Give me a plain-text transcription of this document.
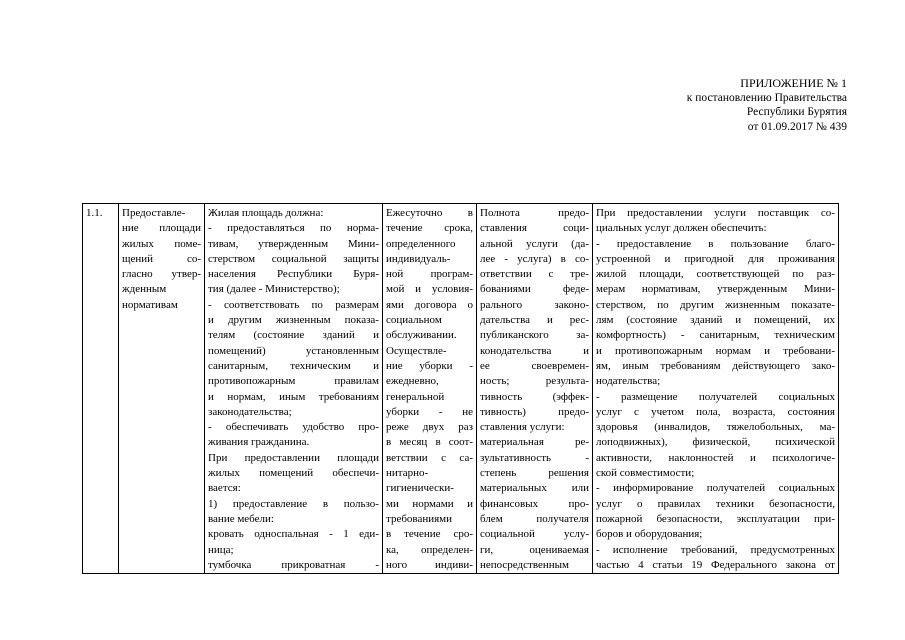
ПРИЛОЖЕНИЕ № 1
к постановлению Правительства
Республики Бурятия
от 01.09.2017 № 439
1.1.	Предоставле-
ние площади
жилых поме-
щений	со-
гласно утвер-
жденным
нормативам

Жилая площадь должна:
- предоставляться по норма-
тивам, утвержденным Мини-
стерством социальной защиты
населения Республики Буря-
тия (далее - Министерство);
- соответствовать по размерам
и другим жизненным показа-
телям (состояние зданий и
помещений)	установленным
санитарным, техническим и
противопожарным	правилам
и нормам, иным требованиям
законодательства;
- обеспечивать удобство про-
живания гражданина.
При предоставлении площади
жилых помещений обеспечи-
вается:
1) предоставление в пользо-
вание мебели:
кровать односпальная - 1 еди-
ница;
тумбочка	прикроватная	-

Ежесуточно в
течение срока,
определенного
индивидуаль-
ной програм-
мой и условия-
ями договора о
социальном
обслуживании.
Осуществле-
ние уборки -
ежедневно,
генеральной
уборки - не
реже двух раз
в месяц в соот-
ветствии с са-
нитарно-
гигиенически-
ми нормами и
требованиями
в течение сро-
ка, определен-
ного	индиви-

Полнота	предо-
ставления	соци-
альной услуги (да-
лее - услуга) в со-
ответствии с тре-
бованиями	феде-
рального	законо-
дательства и рес-
публиканского за-
конодательства	и
ее	своевремен-
ность;	результа-
тивность	(эффек-
тивность)	предо-
ставления услуги:
материальная	ре-
зультативность	-
степень	решения
материальных или
финансовых	про-
блем	получателя
социальной	услу-
ги,	оцениваемая
непосредственным

При предоставлении услуги поставщик со-
циальных услуг должен обеспечить:
- предоставление в пользование благо-
устроенной и пригодной для проживания
жилой площади, соответствующей по раз-
мерам нормативам, утвержденным Мини-
стерством, по другим жизненным показате-
лям (состояние зданий и помещений, их
комфортность) - санитарным, техническим
и противопожарным нормам и требовани-
ям, иным требованиям действующего зако-
нодательства;
- размещение получателей социальных
услуг с учетом пола, возраста, состояния
здоровья (инвалидов, тяжелобольных, ма-
лоподвижных), физической, психической
активности, наклонностей и психологиче-
ской совместимости;
- информирование получателей социальных
услуг о правилах техники безопасности,
пожарной безопасности, эксплуатации при-
боров и оборудования;
- исполнение требований, предусмотренных
частью 4 статьи 19 Федерального закона от
